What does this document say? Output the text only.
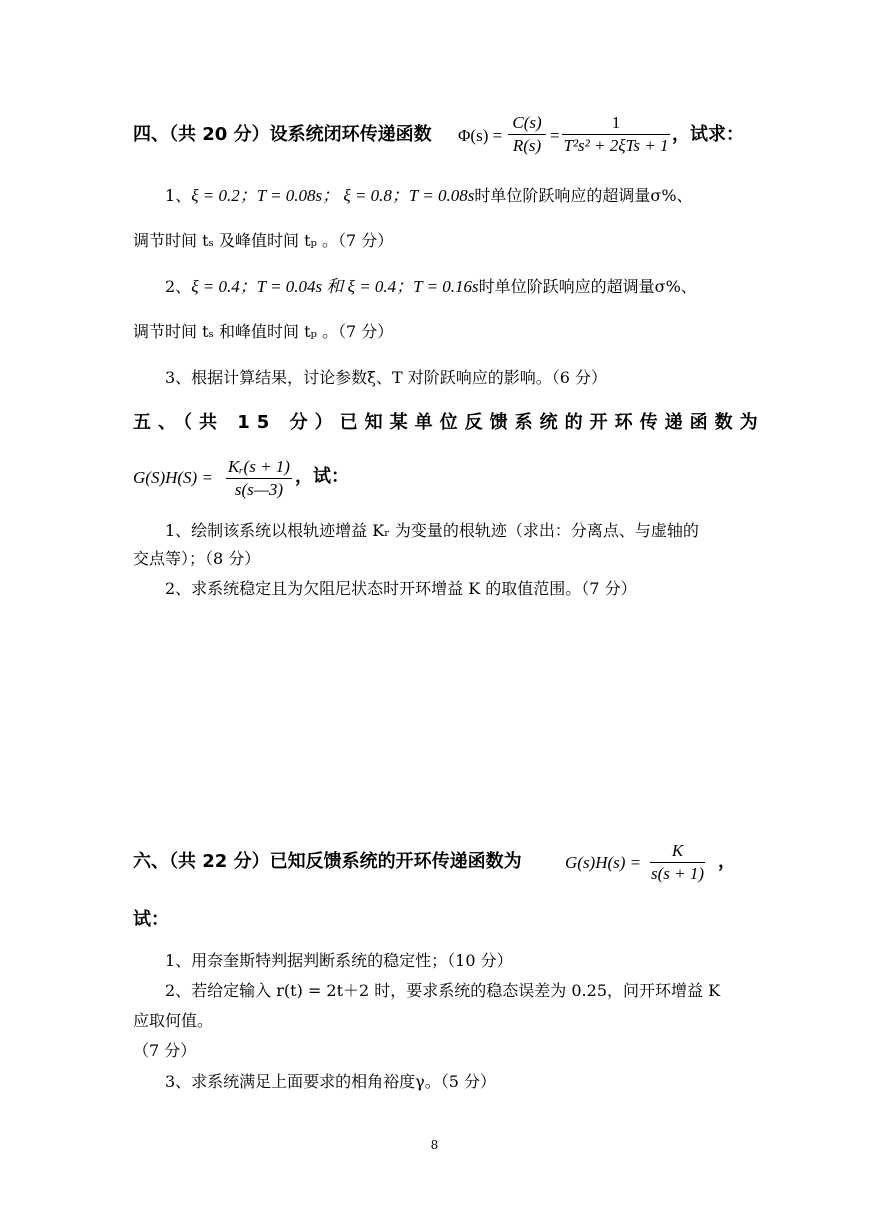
四、（共 20 分）设系统闭环传递函数 Φ(s) =
C(s)
R(s)
=
1
T²s² + 2ξTs + 1
，试求：
1、ξ = 0.2；T = 0.08s； ξ = 0.8；T = 0.08s时单位阶跃响应的超调量σ%、
调节时间 tₛ 及峰值时间 tₚ 。（7 分）
2、ξ = 0.4；T = 0.04s 和 ξ = 0.4；T = 0.16s时单位阶跃响应的超调量σ%、
调节时间 tₛ 和峰值时间 tₚ 。（7 分）
3、根据计算结果，讨论参数ξ、T 对阶跃响应的影响。（6 分）
五、（共 15 分）已知某单位反馈系统的开环传递函数为
G(S)H(S) =
Kᵣ(s + 1)
s(s—3)
，试：
1、绘制该系统以根轨迹增益 Kᵣ 为变量的根轨迹（求出：分离点、与虚轴的
交点等）；（8 分）
2、求系统稳定且为欠阻尼状态时开环增益 K 的取值范围。（7 分）
六、（共 22 分）已知反馈系统的开环传递函数为	G(s)H(s) =
K
s(s + 1)
，
试：
1、用奈奎斯特判据判断系统的稳定性；（10 分）
2、若给定输入 r(t) = 2t＋2 时，要求系统的稳态误差为 0.25，问开环增益 K
应取何值。
（7 分）
3、求系统满足上面要求的相角裕度γ。（5 分）
8
